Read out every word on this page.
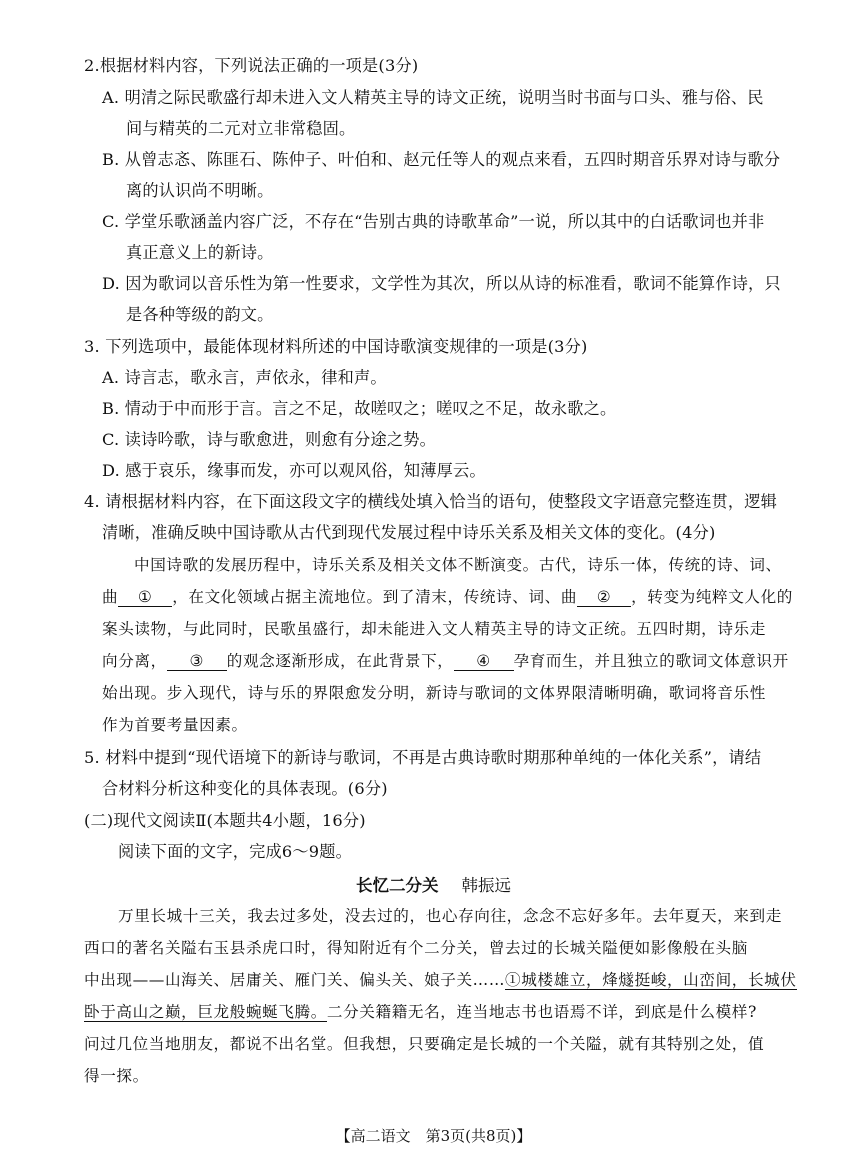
2.根据材料内容，下列说法正确的一项是(3分)
A. 明清之际民歌盛行却未进入文人精英主导的诗文正统，说明当时书面与口头、雅与俗、民
间与精英的二元对立非常稳固。
B. 从曾志忞、陈匪石、陈仲子、叶伯和、赵元任等人的观点来看，五四时期音乐界对诗与歌分
离的认识尚不明晰。
C. 学堂乐歌涵盖内容广泛，不存在“告别古典的诗歌革命”一说，所以其中的白话歌词也并非
真正意义上的新诗。
D. 因为歌词以音乐性为第一性要求，文学性为其次，所以从诗的标准看，歌词不能算作诗，只
是各种等级的韵文。
3. 下列选项中，最能体现材料所述的中国诗歌演变规律的一项是(3分)
A. 诗言志，歌永言，声依永，律和声。
B. 情动于中而形于言。言之不足，故嗟叹之；嗟叹之不足，故永歌之。
C. 读诗吟歌，诗与歌愈进，则愈有分途之势。
D. 感于哀乐，缘事而发，亦可以观风俗，知薄厚云。
4. 请根据材料内容，在下面这段文字的横线处填入恰当的语句，使整段文字语意完整连贯，逻辑
清晰，准确反映中国诗歌从古代到现代发展过程中诗乐关系及相关文体的变化。(4分)
中国诗歌的发展历程中，诗乐关系及相关文体不断演变。古代，诗乐一体，传统的诗、词、
曲 ① ，在文化领域占据主流地位。到了清末，传统诗、词、曲 ② ，转变为纯粹文人化的
案头读物，与此同时，民歌虽盛行，却未能进入文人精英主导的诗文正统。五四时期，诗乐走
向分离， ③ 的观念逐渐形成，在此背景下， ④ 孕育而生，并且独立的歌词文体意识开
始出现。步入现代，诗与乐的界限愈发分明，新诗与歌词的文体界限清晰明确，歌词将音乐性
作为首要考量因素。
5. 材料中提到“现代语境下的新诗与歌词，不再是古典诗歌时期那种单纯的一体化关系”，请结
合材料分析这种变化的具体表现。(6分)
(二)现代文阅读Ⅱ(本题共4小题，16分)
阅读下面的文字，完成6～9题。
长忆二分关 韩振远
万里长城十三关，我去过多处，没去过的，也心存向往，念念不忘好多年。去年夏天，来到走
西口的著名关隘右玉县杀虎口时，得知附近有个二分关，曾去过的长城关隘便如影像般在头脑
中出现——山海关、居庸关、雁门关、偏头关、娘子关……①城楼雄立，烽燧挺峻，山峦间，长城伏
卧于高山之巅，巨龙般蜿蜒飞腾。二分关籍籍无名，连当地志书也语焉不详，到底是什么模样?
问过几位当地朋友，都说不出名堂。但我想，只要确定是长城的一个关隘，就有其特别之处，值
得一探。
【高二语文　第3页(共8页)】
